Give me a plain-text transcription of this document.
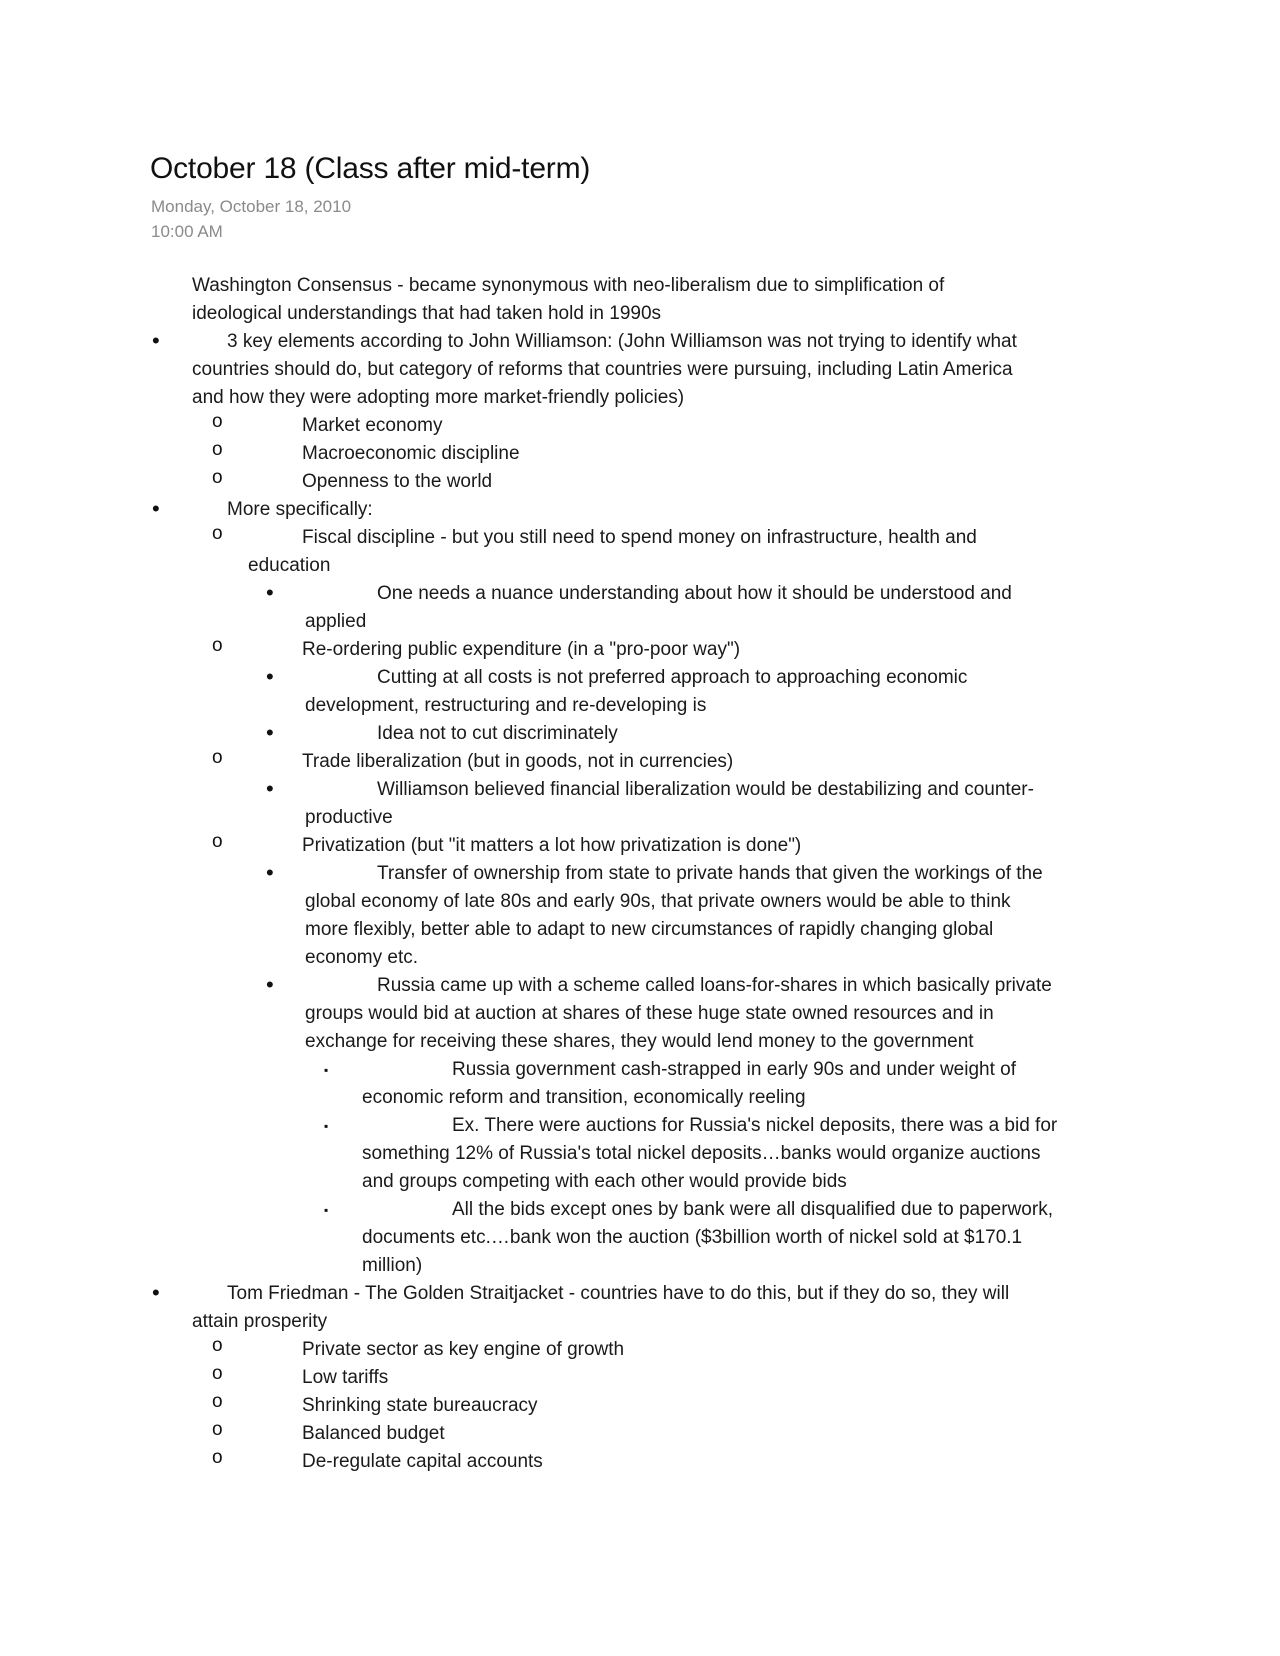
October 18 (Class after mid-term)
Monday, October 18, 2010
10:00 AM
Washington Consensus - became synonymous with neo-liberalism due to simplification of
ideological understandings that had taken hold in 1990s
•	3 key elements according to John Williamson: (John Williamson was not trying to identify what
countries should do, but category of reforms that countries were pursuing, including Latin America
and how they were adopting more market-friendly policies)
o	Market economy
o	Macroeconomic discipline
o	Openness to the world
•	More specifically:
o	Fiscal discipline - but you still need to spend money on infrastructure, health and
education
•	One needs a nuance understanding about how it should be understood and
applied
o	Re-ordering public expenditure (in a "pro-poor way")
•	Cutting at all costs is not preferred approach to approaching economic
development, restructuring and re-developing is
•	Idea not to cut discriminately
o	Trade liberalization (but in goods, not in currencies)
•	Williamson believed financial liberalization would be destabilizing and counter-
productive
o	Privatization (but "it matters a lot how privatization is done")
•	Transfer of ownership from state to private hands that given the workings of the
global economy of late 80s and early 90s, that private owners would be able to think
more flexibly, better able to adapt to new circumstances of rapidly changing global
economy etc.
•	Russia came up with a scheme called loans-for-shares in which basically private
groups would bid at auction at shares of these huge state owned resources and in
exchange for receiving these shares, they would lend money to the government
▪	Russia government cash-strapped in early 90s and under weight of
economic reform and transition, economically reeling
▪	Ex. There were auctions for Russia's nickel deposits, there was a bid for
something 12% of Russia's total nickel deposits…banks would organize auctions
and groups competing with each other would provide bids
▪	All the bids except ones by bank were all disqualified due to paperwork,
documents etc.…bank won the auction ($3billion worth of nickel sold at $170.1
million)
•	Tom Friedman - The Golden Straitjacket - countries have to do this, but if they do so, they will
attain prosperity
o	Private sector as key engine of growth
o	Low tariffs
o	Shrinking state bureaucracy
o	Balanced budget
o	De-regulate capital accounts
